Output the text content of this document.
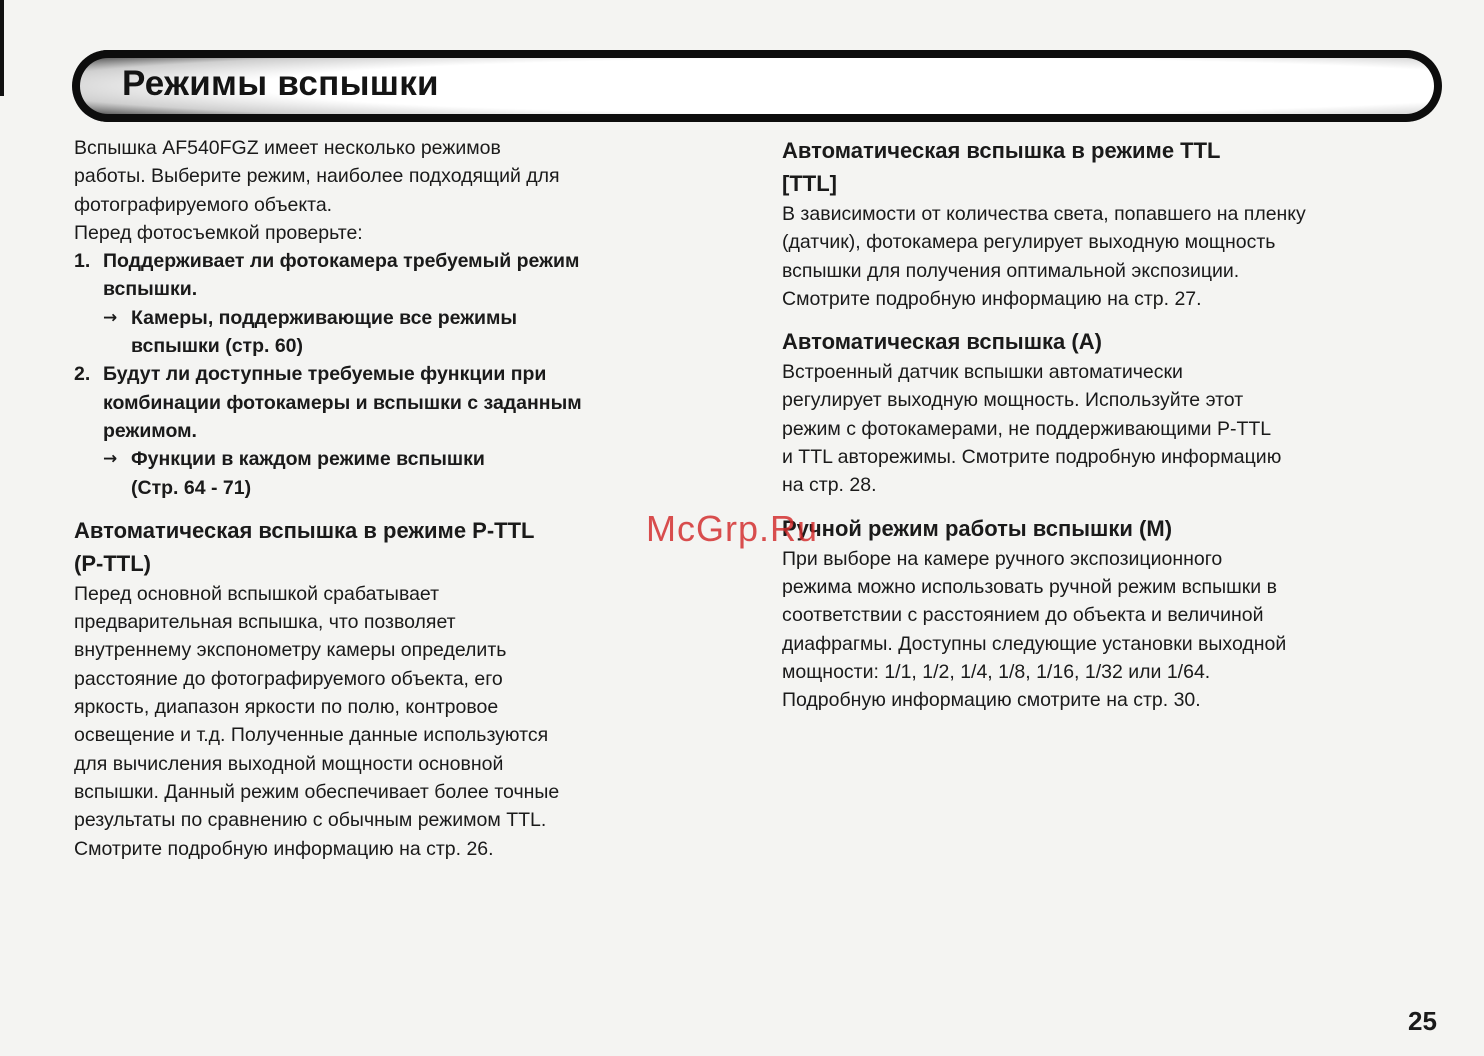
Режимы вспышки

Вспышка AF540FGZ имеет несколько режимов

работы. Выберите режим, наиболее подходящий для

фотографируемого объекта.

Перед фотосъемкой проверьте:

1. Поддерживает ли фотокамера требуемый режим

вспышки.

→ Камеры, поддерживающие все режимы

вспышки (стр. 60)

2. Будут ли доступные требуемые функции при

комбинации фотокамеры и вспышки с заданным

режимом.

→ Функции в каждом режиме вспышки

(Стр. 64 - 71)

Автоматическая вспышка в режиме P-TTL

(P-TTL)

Перед основной вспышкой срабатывает

предварительная вспышка, что позволяет

внутреннему экспонометру камеры определить

расстояние до фотографируемого объекта, его

яркость, диапазон яркости по полю, контровое

освещение и т.д. Полученные данные используются

для вычисления выходной мощности основной

вспышки. Данный режим обеспечивает более точные

результаты по сравнению с обычным режимом TTL.

Смотрите подробную информацию на стр. 26.

Автоматическая вспышка в режиме TTL

[TTL]

В зависимости от количества света, попавшего на пленку

(датчик), фотокамера регулирует выходную мощность

вспышки для получения оптимальной экспозиции.

Смотрите подробную информацию на стр. 27.

Автоматическая вспышка (А)

Встроенный датчик вспышки автоматически

регулирует выходную мощность. Используйте этот

режим с фотокамерами, не поддерживающими P-TTL

и TTL авторежимы. Смотрите подробную информацию

на стр. 28.

Ручной режим работы вспышки (М)

При выборе на камере ручного экспозиционного

режима можно использовать ручной режим вспышки в

соответствии с расстоянием до объекта и величиной

диафрагмы. Доступны следующие установки выходной

мощности: 1/1, 1/2, 1/4, 1/8, 1/16, 1/32 или 1/64.

Подробную информацию смотрите на стр. 30.

McGrp.Ru
25
